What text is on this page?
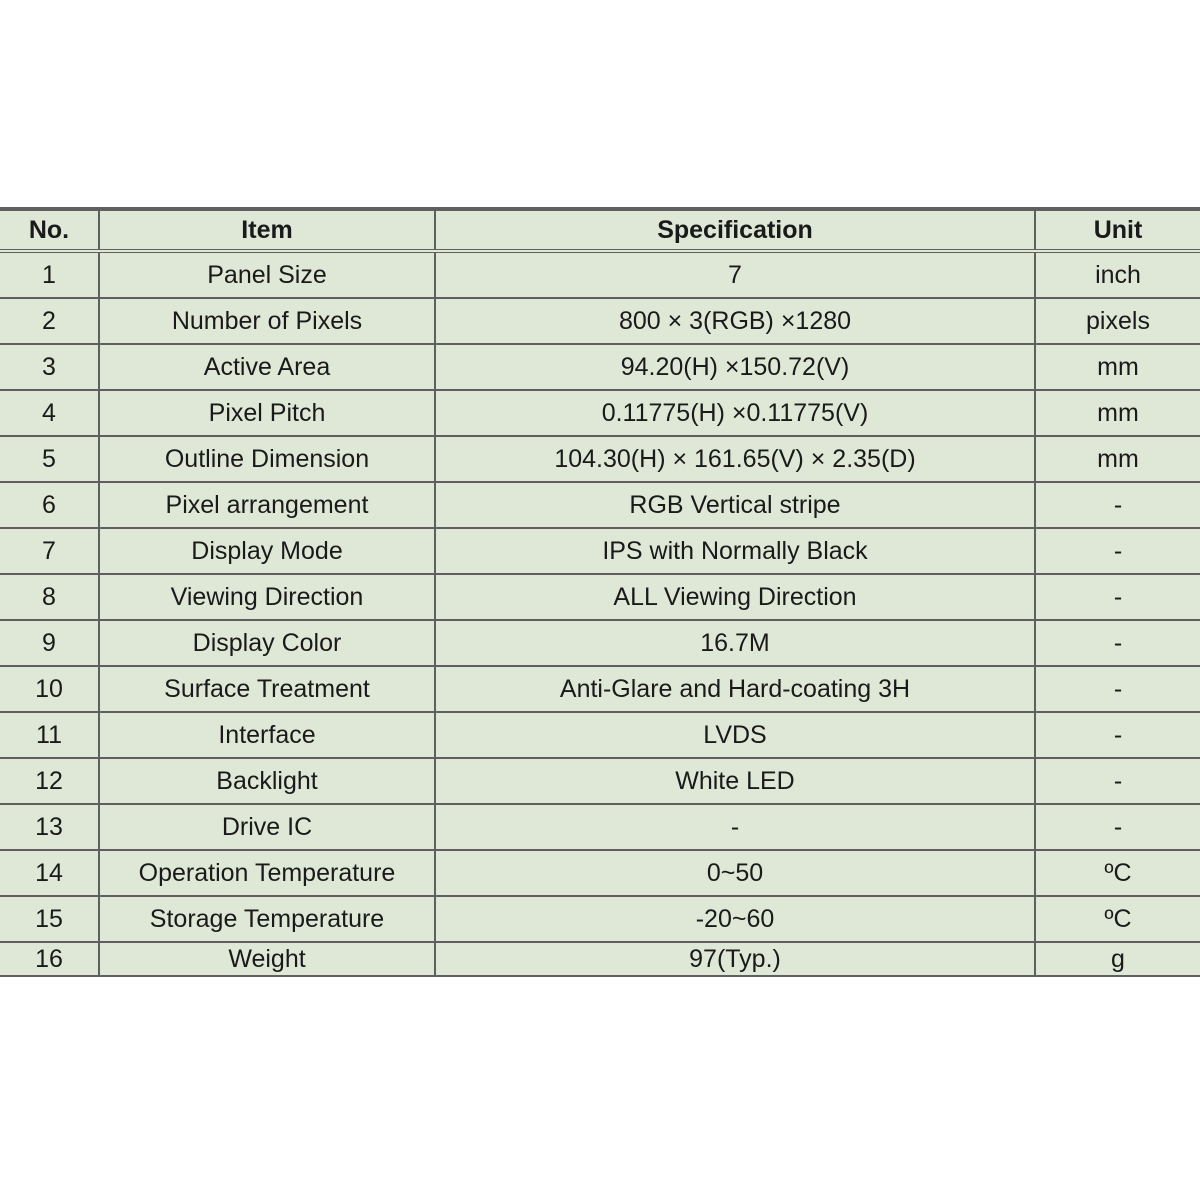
No.	Item	Specification	Unit
1	Panel Size	7	inch
2	Number of Pixels	800 × 3(RGB) ×1280	pixels
3	Active Area	94.20(H) ×150.72(V)	mm
4	Pixel Pitch	0.11775(H) ×0.11775(V)	mm
5	Outline Dimension	104.30(H) × 161.65(V) × 2.35(D)	mm
6	Pixel arrangement	RGB Vertical stripe	-
7	Display Mode	IPS with Normally Black	-
8	Viewing Direction	ALL Viewing Direction	-
9	Display Color	16.7M	-
10	Surface Treatment	Anti-Glare and Hard-coating 3H	-
11	Interface	LVDS	-
12	Backlight	White LED	-
13	Drive IC	-	-
14	Operation Temperature	0~50	ºC
15	Storage Temperature	-20~60	ºC
16	Weight	97(Typ.)	g
